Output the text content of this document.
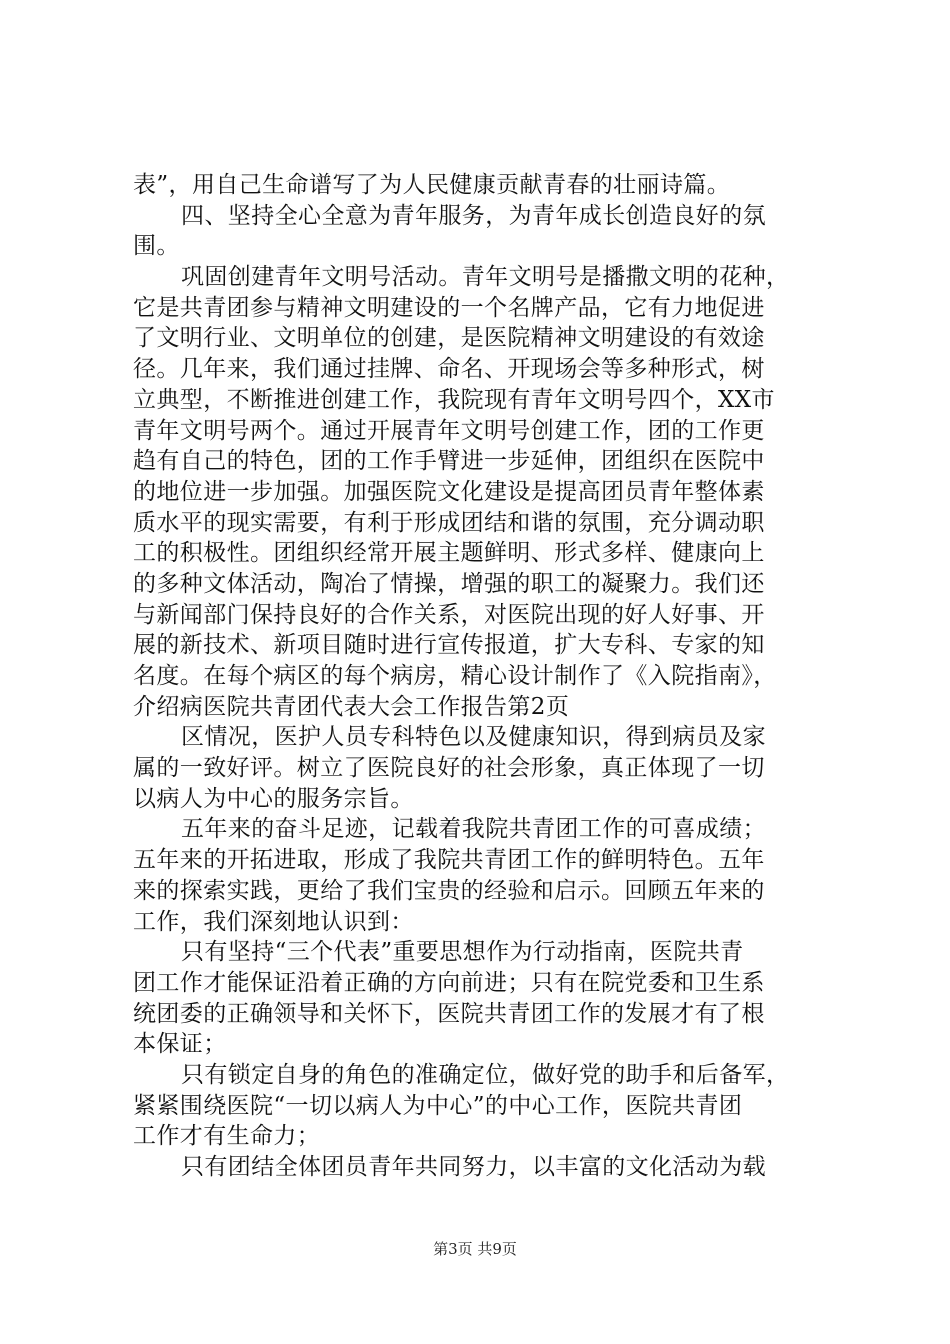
表”，用自己生命谱写了为人民健康贡献青春的壮丽诗篇。
四、坚持全心全意为青年服务，为青年成长创造良好的氛
围。
巩固创建青年文明号活动。青年文明号是播撒文明的花种，
它是共青团参与精神文明建设的一个名牌产品，它有力地促进
了文明行业、文明单位的创建，是医院精神文明建设的有效途
径。几年来，我们通过挂牌、命名、开现场会等多种形式，树
立典型，不断推进创建工作，我院现有青年文明号四个，XX市
青年文明号两个。通过开展青年文明号创建工作，团的工作更
趋有自己的特色，团的工作手臂进一步延伸，团组织在医院中
的地位进一步加强。加强医院文化建设是提高团员青年整体素
质水平的现实需要，有利于形成团结和谐的氛围，充分调动职
工的积极性。团组织经常开展主题鲜明、形式多样、健康向上
的多种文体活动，陶冶了情操，增强的职工的凝聚力。我们还
与新闻部门保持良好的合作关系，对医院出现的好人好事、开
展的新技术、新项目随时进行宣传报道，扩大专科、专家的知
名度。在每个病区的每个病房，精心设计制作了《入院指南》，
介绍病医院共青团代表大会工作报告第2页
区情况，医护人员专科特色以及健康知识，得到病员及家
属的一致好评。树立了医院良好的社会形象，真正体现了一切
以病人为中心的服务宗旨。
五年来的奋斗足迹，记载着我院共青团工作的可喜成绩；
五年来的开拓进取，形成了我院共青团工作的鲜明特色。五年
来的探索实践，更给了我们宝贵的经验和启示。回顾五年来的
工作，我们深刻地认识到：
只有坚持“三个代表”重要思想作为行动指南，医院共青
团工作才能保证沿着正确的方向前进；只有在院党委和卫生系
统团委的正确领导和关怀下，医院共青团工作的发展才有了根
本保证；
只有锁定自身的角色的准确定位，做好党的助手和后备军，
紧紧围绕医院“一切以病人为中心”的中心工作，医院共青团
工作才有生命力；
只有团结全体团员青年共同努力，以丰富的文化活动为载
第3页 共9页
